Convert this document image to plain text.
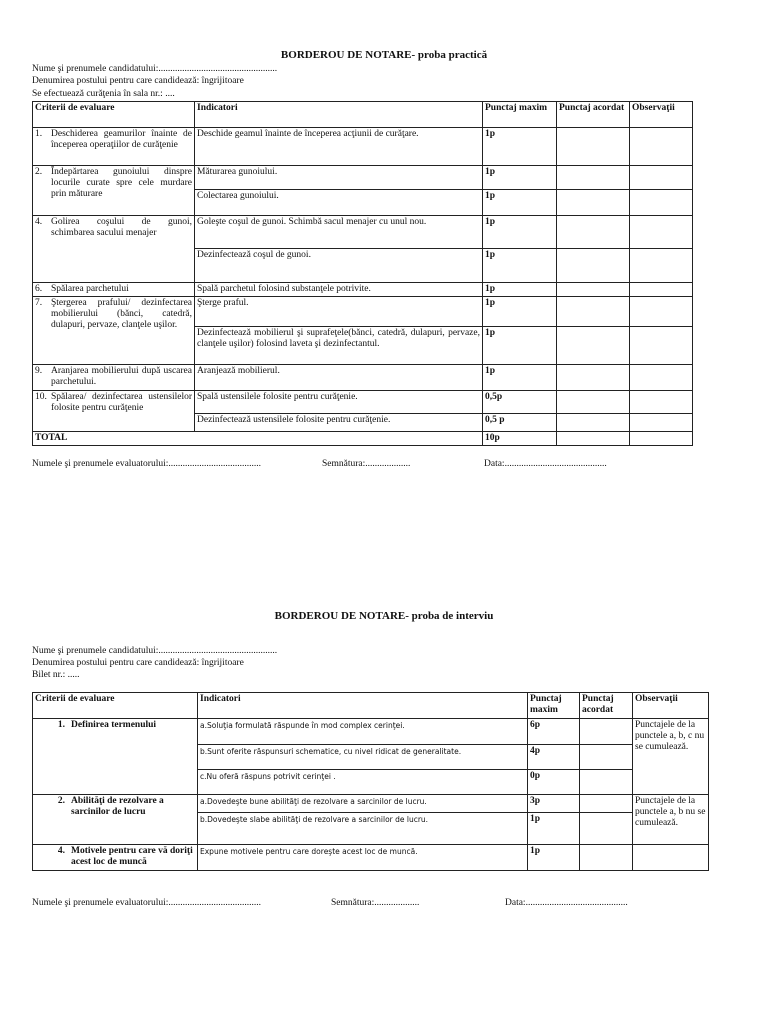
BORDEROU DE NOTARE- proba practică
Nume şi prenumele candidatului:..................................................
Denumirea postului pentru care candidează: îngrijitoare
Se efectuează curăţenia în sala nr.: ....
Criterii de evaluare	Indicatori	Punctaj maxim	Punctaj acordat	Observaţii

1. Deschiderea geamurilor înainte de începerea operaţiilor de curăţenie	Deschide geamul înainte de începerea acţiunii de curăţare.	1p		

2. Îndepărtarea gunoiului dinspre locurile curate spre cele murdare prin măturare	Măturarea gunoiului.	1p		
	Colectarea gunoiului.	1p		

4. Golirea coşului de gunoi, schimbarea sacului menajer	Goleşte coşul de gunoi. Schimbă sacul menajer cu unul nou.	1p		
	Dezinfectează coşul de gunoi.	1p		

6. Spălarea parchetului	Spală parchetul folosind substanţele potrivite.	1p		

7. Ştergerea prafului/ dezinfectarea mobilierului (bănci, catedră, dulapuri, pervaze, clanţele uşilor.	Şterge praful.	1p		
	Dezinfectează mobilierul şi suprafeţele(bănci, catedră, dulapuri, pervaze, clanţele uşilor) folosind laveta şi dezinfectantul.	1p		

9. Aranjarea mobilierului după uscarea parchetului.	Aranjează mobilierul.	1p		

10. Spălarea/ dezinfectarea ustensilelor folosite pentru curăţenie	Spală ustensilele folosite pentru curăţenie.	0,5p		
	Dezinfectează ustensilele folosite pentru curăţenie.	0,5 p		
TOTAL		10p		
Numele şi prenumele evaluatorului:.......................................	Semnătura:...................	Data:...........................................
BORDEROU DE NOTARE- proba de interviu
Nume şi prenumele candidatului:..................................................
Denumirea postului pentru care candidează: îngrijitoare
Bilet nr.: .....
Criterii de evaluare	Indicatori	Punctaj maxim	Punctaj acordat	Observaţii

1. Definirea termenului	a.Soluţia formulată răspunde în mod complex cerinţei.	6p		Punctajele de la punctele a, b, c nu se cumulează.
	b.Sunt oferite răspunsuri schematice, cu nivel ridicat de generalitate.	4p		
	c.Nu oferă răspuns potrivit cerinţei .	0p		

2. Abilităţi de rezolvare a sarcinilor de lucru	a.Dovedeşte bune abilităţi de rezolvare a sarcinilor de lucru.	3p		Punctajele de la punctele a, b nu se cumulează.
	b.Dovedeşte slabe abilităţi de rezolvare a sarcinilor de lucru.	1p		

4. Motivele pentru care vă doriţi acest loc de muncă	Expune motivele pentru care doreşte acest loc de muncă.	1p		
Numele şi prenumele evaluatorului:.......................................	Semnătura:...................	Data:...........................................
